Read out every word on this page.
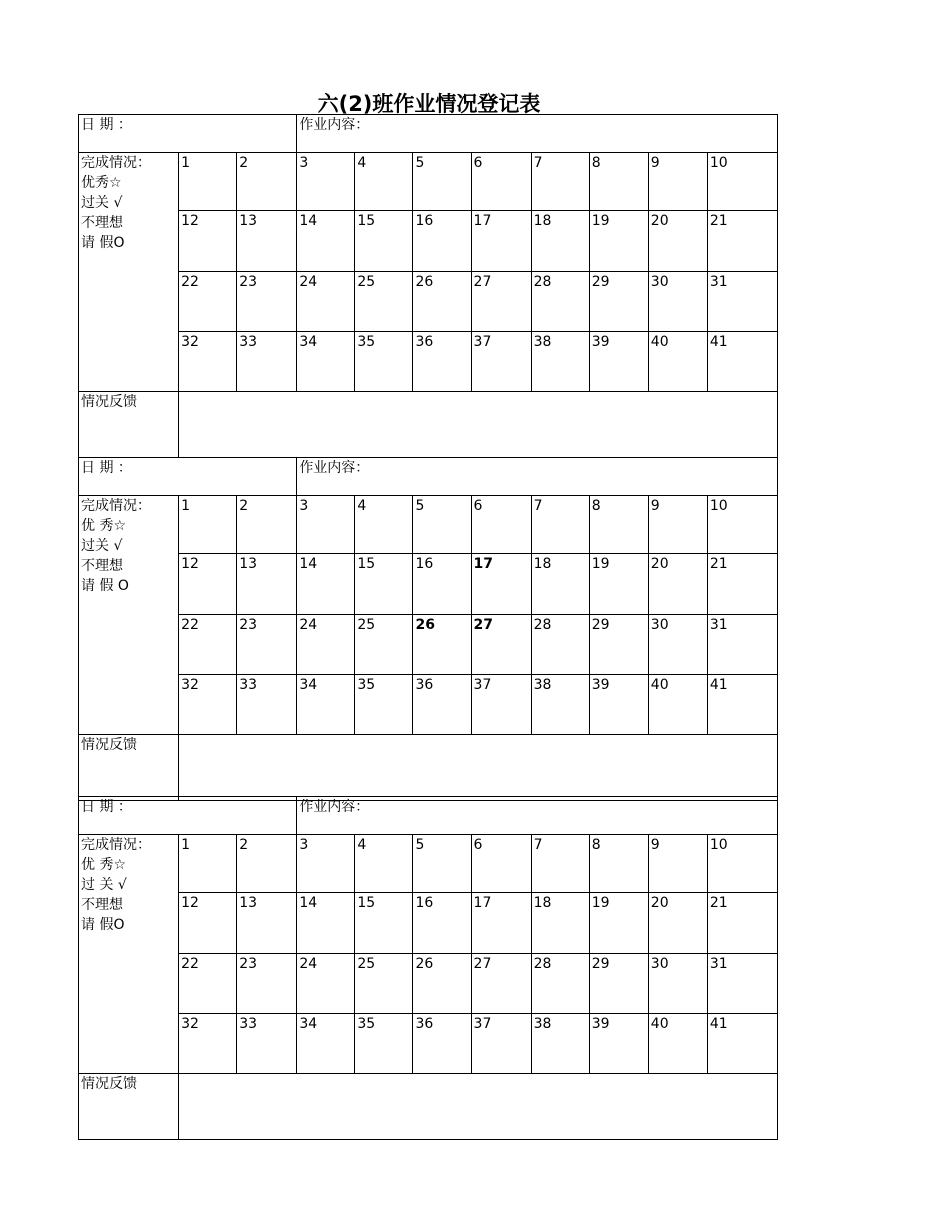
六(2)班作业情况登记表
日 期 ：			作业内容：							

完成情况：
优秀☆
过关 √
不理想
请 假O	1	2	3	4	5	6	7	8	9	10
	12	13	14	15	16	17	18	19	20	21
	22	23	24	25	26	27	28	29	30	31
	32	33	34	35	36	37	38	39	40	41
情况反馈										
日 期 ：			作业内容：							

完成情况：
优 秀☆
过关 √
不理想
请 假 O	1	2	3	4	5	6	7	8	9	10
	12	13	14	15	16	17	18	19	20	21
	22	23	24	25	26	27	28	29	30	31
	32	33	34	35	36	37	38	39	40	41
情况反馈										
日 期 ：			作业内容：							

完成情况：
优 秀☆
过 关 √
不理想
请 假O	1	2	3	4	5	6	7	8	9	10
	12	13	14	15	16	17	18	19	20	21
	22	23	24	25	26	27	28	29	30	31
	32	33	34	35	36	37	38	39	40	41
情况反馈										
